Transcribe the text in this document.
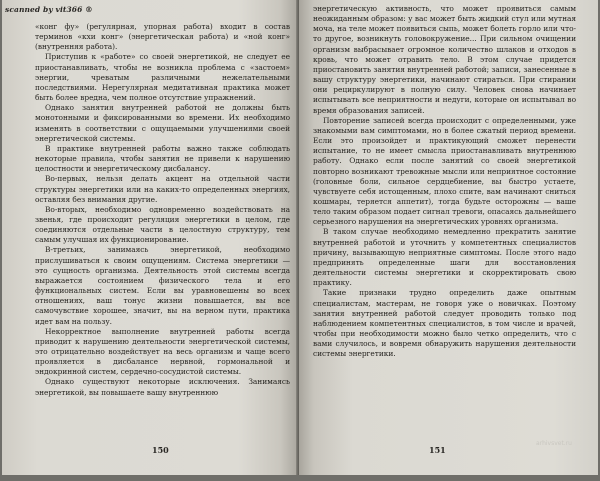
«конг фу» (регулярная, упорная работа) входит в состав терминов «кхи конг» (энергетическая работа) и «ной конг» (внутренняя работа).

Приступив к «работе» со своей энергетикой, не следует ее приостанавливать, чтобы не возникла проблема с «застоем» энергии, чреватым различными нежелательными последствиями. Нерегулярная медитативная практика может быть более вредна, чем полное отсутствие упражнений.

Однако занятия внутренней работой не должны быть монотонными и фиксированными во времени. Их необходимо изменять в соответствии с ощущаемыми улучшениями своей энергетической системы.

В практике внутренней работы важно также соблюдать некоторые правила, чтобы занятия не привели к нарушению целостности и энергетическому дисбалансу.

Во-первых, нельзя делать акцент на отдельной части структуры энергетики или на каких-то определенных энергиях, оставляя без внимания другие.

Во-вторых, необходимо одновременно воздействовать на звенья, где происходит регуляция энергетики в целом, где соединяются отдельные части в целостную структуру, тем самым улучшая их функционирование.

В-третьих, занимаясь энергетикой, необходимо прислушиваться к своим ощущениям. Система энергетики — это сущность организма. Деятельность этой системы всегда выражается состоянием физического тела и его функциональных систем. Если вы уравновешены во всех отношениях, ваш тонус жизни повышается, вы все самочувствие хорошее, значит, вы на верном пути, практика идет вам на пользу.

Некорректное выполнение внутренней работы всегда приводит к нарушению деятельности энергетической системы, это отрицательно воздействует на весь организм и чаще всего проявляется в дисбалансе нервной, гормональной и эндокринной систем, сердечно-сосудистой системы.

Однако существуют некоторые исключения. Занимаясь энергетикой, вы повышаете вашу внутреннюю

150

энергетическую активность, что может проявиться самым неожиданным образом: у вас может быть жидкий стул или мутная моча, на теле может появиться сыпь, может болеть горло или что-то другое, возникнуть головокружение... При сильном очищении организм выбрасывает огромное количество шлаков и отходов в кровь, что может отравить тело. В этом случае придется приостановить занятия внутренней работой; записи, занесенные в вашу структуру энергетики, начинают стираться. При стирании они рециркулируют в полную силу. Человек снова начинает испытывать все неприятности и недуги, которые он испытывал во время образования записей.

Повторение записей всегда происходит с определенными, уже знакомыми вам симптомами, но в более сжатый период времени. Если это произойдет и практикующий сможет перенести испытание, то не имеет смысла приостанавливать внутреннюю работу. Однако если после занятий со своей энергетикой повторно возникают тревожные мысли или неприятное состояние (головные боли, сильное сердцебиение, вы быстро устаете, чувствуете себя истощенным, плохо спите, вам начинают сниться кошмары, теряется аппетит), тогда будьте осторожны — ваше тело таким образом подает сигнал тревоги, опасаясь дальнейшего серьезного нарушения на энергетических уровнях организма.

В таком случае необходимо немедленно прекратить занятие внутренней работой и уточнить у компетентных специалистов причину, вызывающую неприятные симптомы. После этого надо предпринять определенные шаги для восстановления деятельности системы энергетики и скорректировать свою практику.

Такие признаки трудно определить даже опытным специалистам, мастерам, не говоря уже о новичках. Поэтому занятия внутренней работой следует проводить только под наблюдением компетентных специалистов, в том числе и врачей, чтобы при необходимости можно было четко определить, что с вами случилось, и вовремя обнаружить нарушения деятельности системы энергетики.

151
arhivsvet.ru
scanned by vit366 ®
